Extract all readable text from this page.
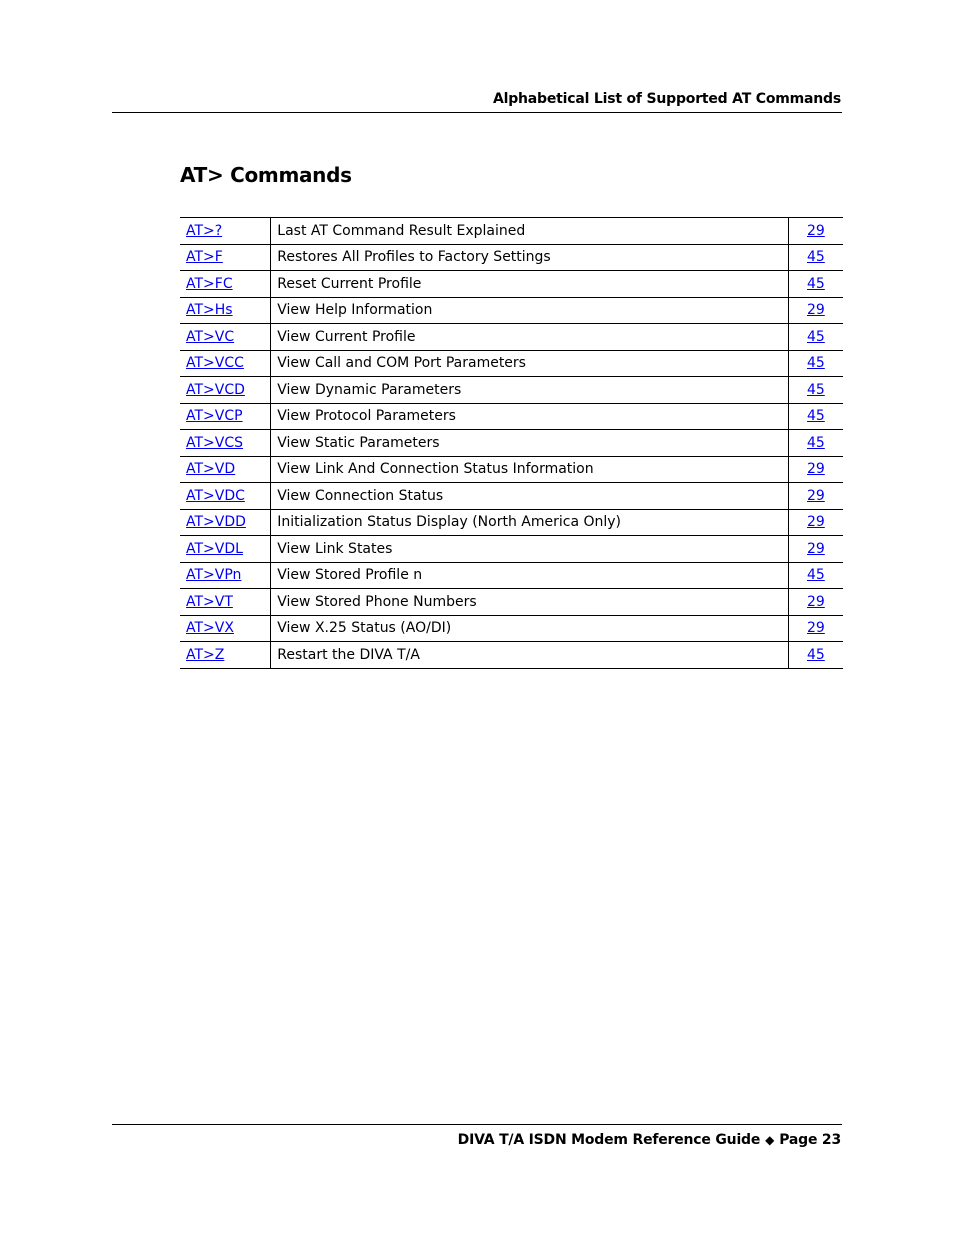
Alphabetical List of Supported AT Commands
AT> Commands
AT>?	Last AT Command Result Explained	29
AT>F	Restores All Profiles to Factory Settings	45
AT>FC	Reset Current Profile	45
AT>Hs	View Help Information	29
AT>VC	View Current Profile	45
AT>VCC	View Call and COM Port Parameters	45
AT>VCD	View Dynamic Parameters	45
AT>VCP	View Protocol Parameters	45
AT>VCS	View Static Parameters	45
AT>VD	View Link And Connection Status Information	29
AT>VDC	View Connection Status	29
AT>VDD	Initialization Status Display (North America Only)	29
AT>VDL	View Link States	29
AT>VPn	View Stored Profile n	45
AT>VT	View Stored Phone Numbers	29
AT>VX	View X.25 Status (AO/DI)	29
AT>Z	Restart the DIVA T/A	45
DIVA T/A ISDN Modem Reference Guide ◆ Page 23
